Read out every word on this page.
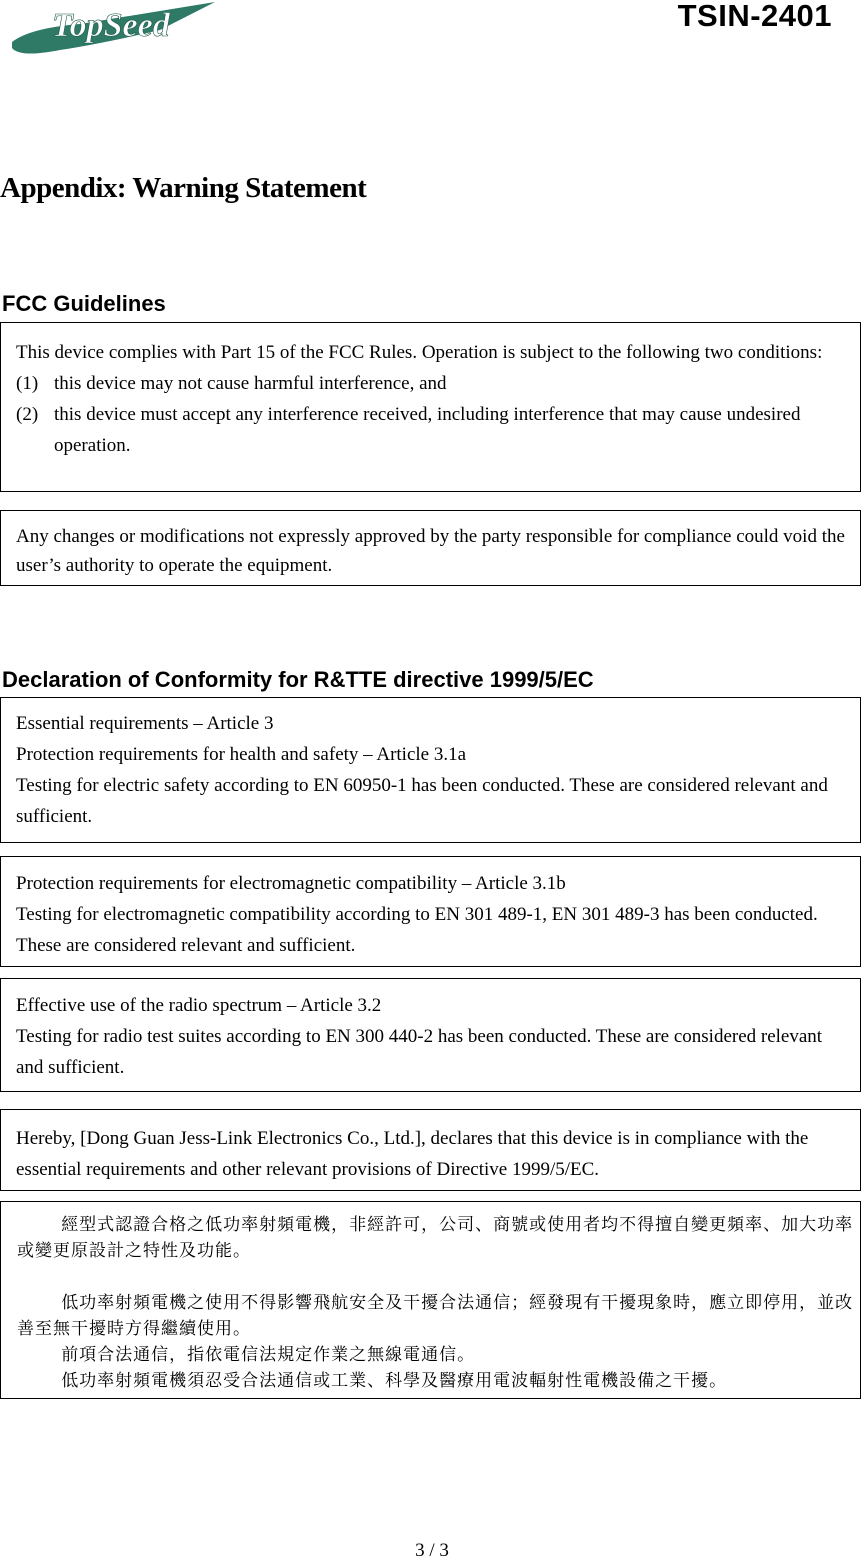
TopSeed	TSIN-2401
Appendix: Warning Statement
FCC Guidelines

This device complies with Part 15 of the FCC Rules. Operation is subject to the following two conditions:

(1) this device may not cause harmful interference, and
(2) this device must accept any interference received, including interference that may cause undesired operation.

Any changes or modifications not expressly approved by the party responsible for compliance could void the user’s authority to operate the equipment.

Declaration of Conformity for R&TTE directive 1999/5/EC

Essential requirements – Article 3

Protection requirements for health and safety – Article 3.1a

Testing for electric safety according to EN 60950-1 has been conducted. These are considered relevant and sufficient.

Protection requirements for electromagnetic compatibility – Article 3.1b

Testing for electromagnetic compatibility according to EN 301 489-1, EN 301 489-3 has been conducted. These are considered relevant and sufficient.

Effective use of the radio spectrum – Article 3.2

Testing for radio test suites according to EN 300 440-2 has been conducted. These are considered relevant and sufficient.

Hereby, [Dong Guan Jess-Link Electronics Co., Ltd.], declares that this device is in compliance with the essential requirements and other relevant provisions of Directive 1999/5/EC.

經型式認證合格之低功率射頻電機，非經許可，公司、商號或使用者均不得擅自變更頻率、加大功率或變更原設計之特性及功能。

低功率射頻電機之使用不得影響飛航安全及干擾合法通信；經發現有干擾現象時，應立即停用，並改善至無干擾時方得繼續使用。

前項合法通信，指依電信法規定作業之無線電通信。

低功率射頻電機須忍受合法通信或工業、科學及醫療用電波輻射性電機設備之干擾。

3 / 3
